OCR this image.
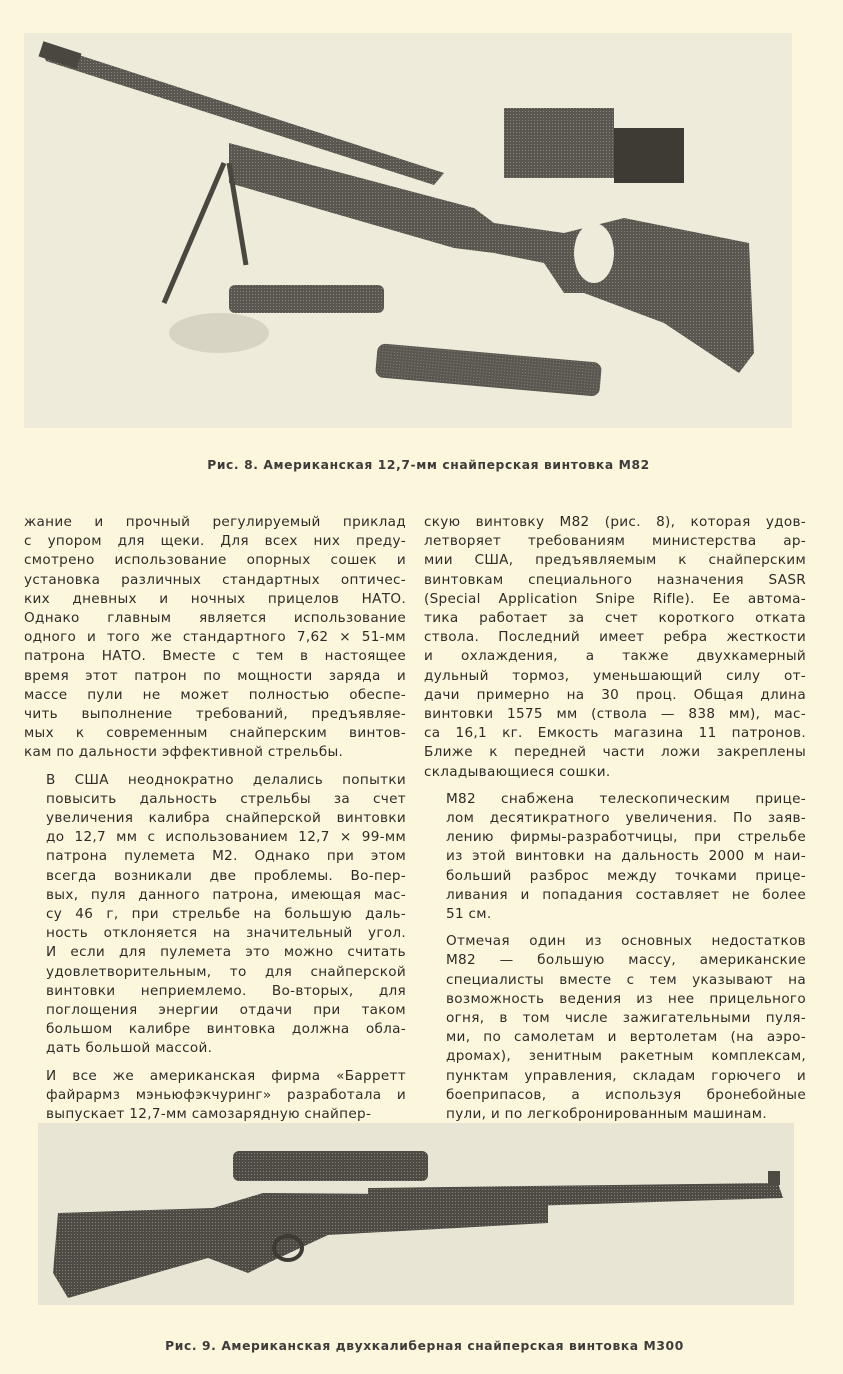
Рис. 8. Американская 12,7-мм снайперская винтовка М82

жание и прочный регулируемый приклад
с упором для щеки. Для всех них преду-
смотрено использование опорных сошек и
установка различных стандартных оптичес-
ких дневных и ночных прицелов НАТО.
Однако главным является использование
одного и того же стандартного 7,62 × 51-мм
патрона НАТО. Вместе с тем в настоящее
время этот патрон по мощности заряда и
массе пули не может полностью обеспе-
чить выполнение требований, предъявляе-
мых к современным снайперским винтов-
кам по дальности эффективной стрельбы.

В США неоднократно делались попытки
повысить дальность стрельбы за счет
увеличения калибра снайперской винтовки
до 12,7 мм с использованием 12,7 × 99-мм
патрона пулемета М2. Однако при этом
всегда возникали две проблемы. Во-пер-
вых, пуля данного патрона, имеющая мас-
су 46 г, при стрельбе на большую даль-
ность отклоняется на значительный угол.
И если для пулемета это можно считать
удовлетворительным, то для снайперской
винтовки неприемлемо. Во-вторых, для
поглощения энергии отдачи при таком
большом калибре винтовка должна обла-
дать большой массой.

И все же американская фирма «Барретт
файрармз мэньюфэкчуринг» разработала и
выпускает 12,7-мм самозарядную снайпер-

скую винтовку М82 (рис. 8), которая удов-
летворяет требованиям министерства ар-
мии США, предъявляемым к снайперским
винтовкам специального назначения SASR
(Special Application Snipe Rifle). Ее автома-
тика работает за счет короткого отката
ствола. Последний имеет ребра жесткости
и охлаждения, а также двухкамерный
дульный тормоз, уменьшающий силу от-
дачи примерно на 30 проц. Общая длина
винтовки 1575 мм (ствола — 838 мм), мас-
са 16,1 кг. Емкость магазина 11 патронов.
Ближе к передней части ложи закреплены
складывающиеся сошки.

М82 снабжена телескопическим прице-
лом десятикратного увеличения. По заяв-
лению фирмы-разработчицы, при стрельбе
из этой винтовки на дальность 2000 м наи-
больший разброс между точками прице-
ливания и попадания составляет не более
51 см.

Отмечая один из основных недостатков
М82 — большую массу, американские
специалисты вместе с тем указывают на
возможность ведения из нее прицельного
огня, в том числе зажигательными пуля-
ми, по самолетам и вертолетам (на аэро-
дромах), зенитным ракетным комплексам,
пунктам управления, складам горючего и
боеприпасов, а используя бронебойные
пули, и по легкобронированным машинам.

Рис. 9. Американская двухкалиберная снайперская винтовка М300
